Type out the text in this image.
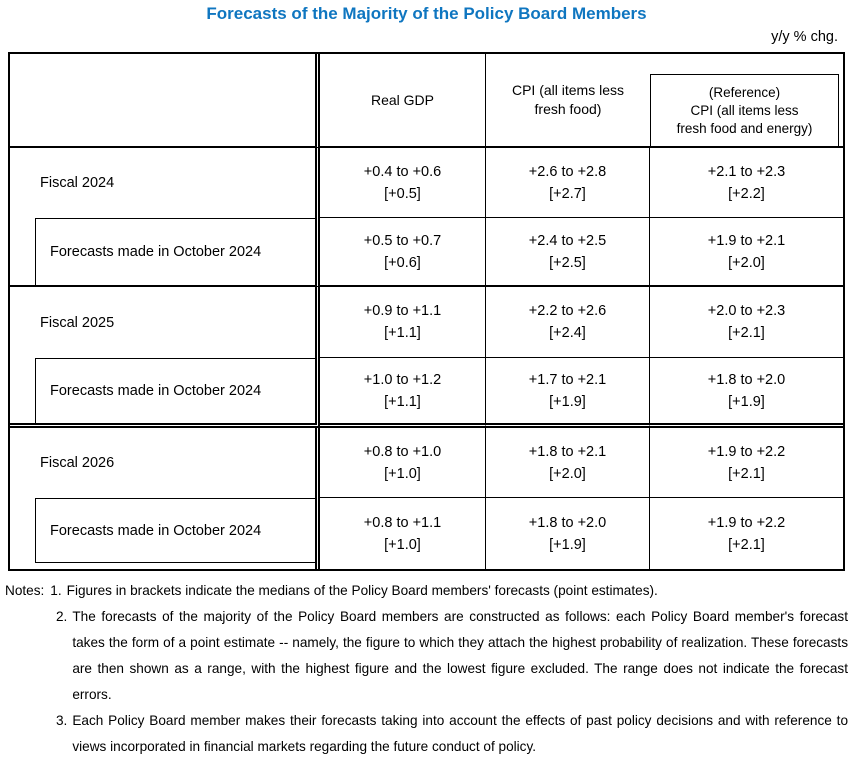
Forecasts of the Majority of the Policy Board Members
y/y % chg.
Real GDP
CPI (all items less
fresh food)
(Reference)
CPI (all items less
fresh food and energy)
Fiscal 2024
+0.4 to +0.6
[+0.5]
+2.6 to +2.8
[+2.7]
+2.1 to +2.3
[+2.2]
Forecasts made in October 2024
+0.5 to +0.7
[+0.6]
+2.4 to +2.5
[+2.5]
+1.9 to +2.1
[+2.0]
Fiscal 2025
+0.9 to +1.1
[+1.1]
+2.2 to +2.6
[+2.4]
+2.0 to +2.3
[+2.1]
Forecasts made in October 2024
+1.0 to +1.2
[+1.1]
+1.7 to +2.1
[+1.9]
+1.8 to +2.0
[+1.9]
Fiscal 2026
+0.8 to +1.0
[+1.0]
+1.8 to +2.1
[+2.0]
+1.9 to +2.2
[+2.1]
Forecasts made in October 2024	+0.8 to +1.1
[+1.0]
+1.8 to +2.0
[+1.9]
+1.9 to +2.2
[+2.1]
Notes: 1. Figures in brackets indicate the medians of the Policy Board members' forecasts (point estimates).
2. The forecasts of the majority of the Policy Board members are constructed as follows: each Policy Board member's forecast takes the form of a point estimate -- namely, the figure to which they attach the highest probability of realization. These forecasts are then shown as a range, with the highest figure and the lowest figure excluded. The range does not indicate the forecast errors.
3. Each Policy Board member makes their forecasts taking into account the effects of past policy decisions and with reference to views incorporated in financial markets regarding the future conduct of policy.
